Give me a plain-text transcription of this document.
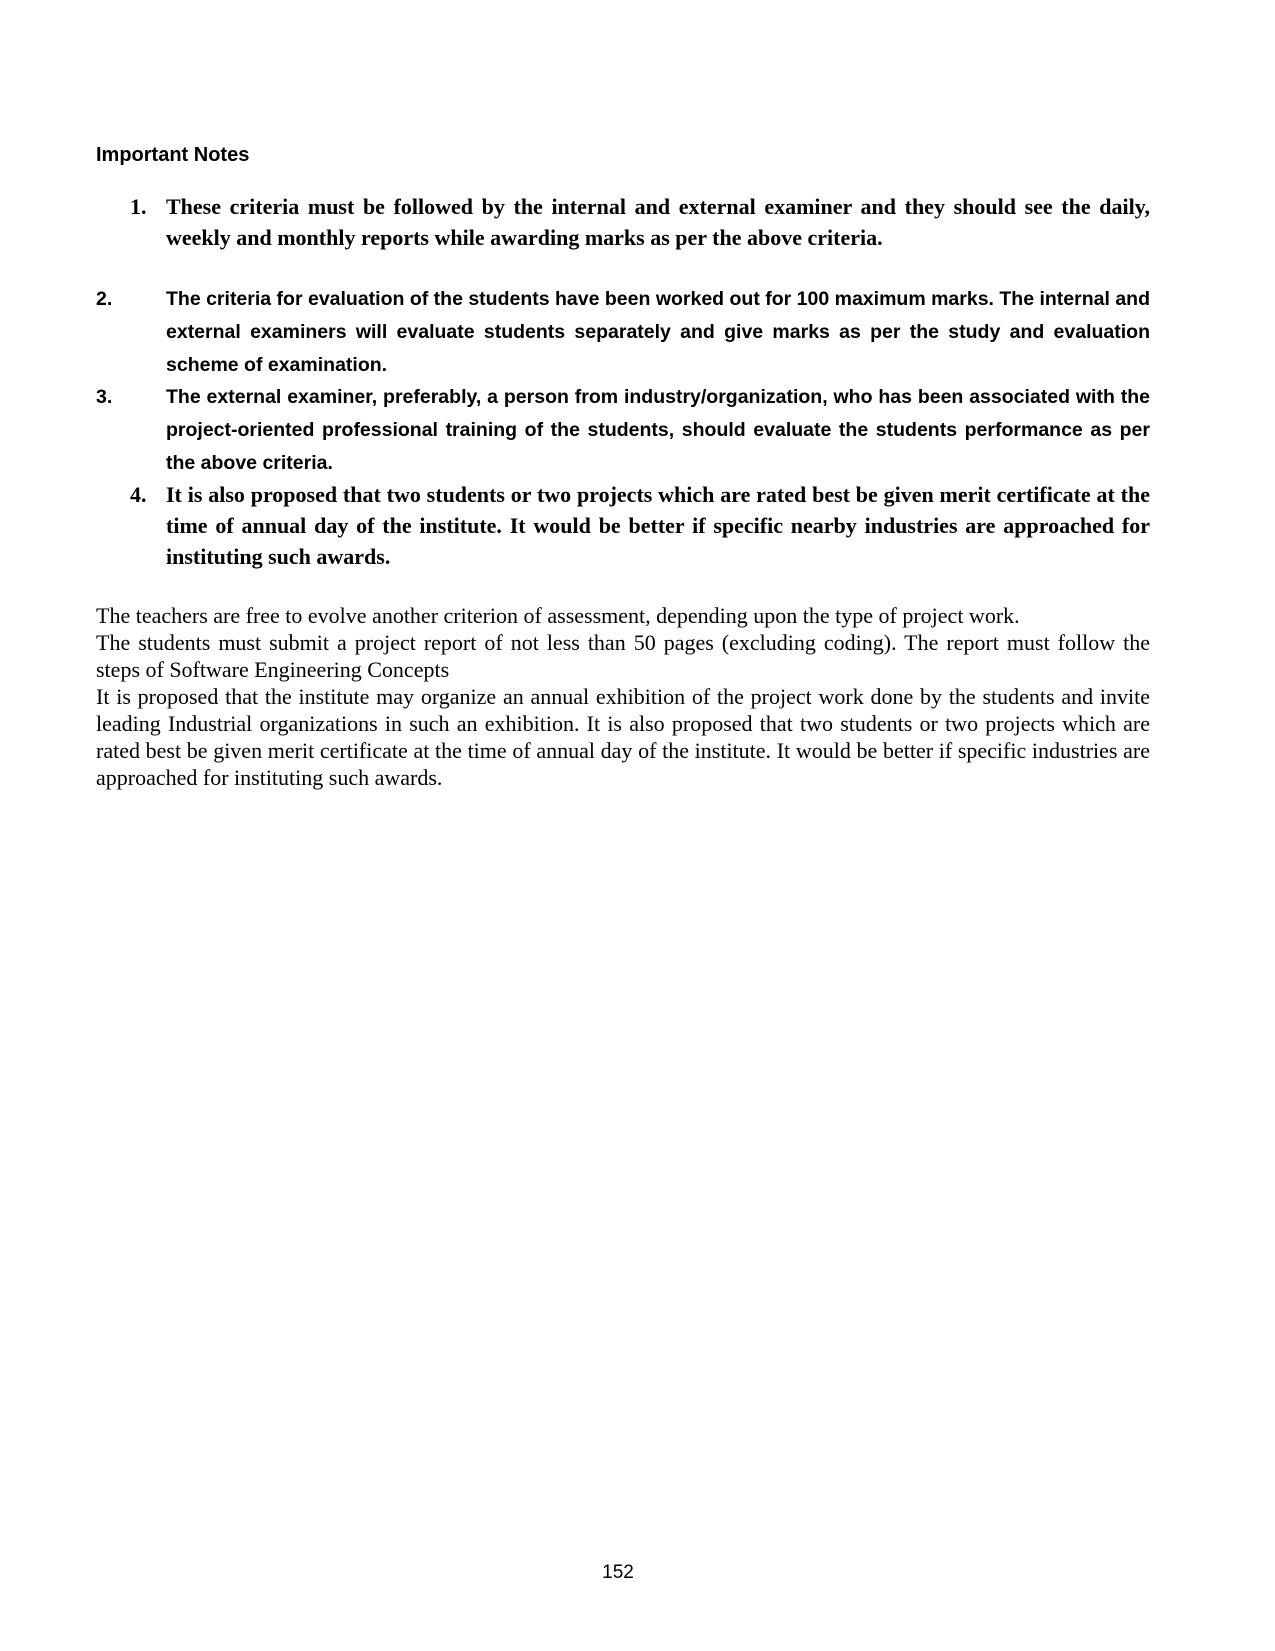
Important Notes
1. These criteria must be followed by the internal and external examiner and they should see the daily, weekly and monthly reports while awarding marks as per the above criteria.
2.	The criteria for evaluation of the students have been worked out for 100 maximum marks. The internal and external examiners will evaluate students separately and give marks as per the study and evaluation scheme of examination.
3.	The external examiner, preferably, a person from industry/organization, who has been associated with the project-oriented professional training of the students, should evaluate the students performance as per the above criteria.
4. It is also proposed that two students or two projects which are rated best be given merit certificate at the time of annual day of the institute. It would be better if specific nearby industries are approached for instituting such awards.
The teachers are free to evolve another criterion of assessment, depending upon the type of project work.
The students must submit a project report of not less than 50 pages (excluding coding). The report must follow the steps of Software Engineering Concepts
It is proposed that the institute may organize an annual exhibition of the project work done by the students and invite leading Industrial organizations in such an exhibition. It is also proposed that two students or two projects which are rated best be given merit certificate at the time of annual day of the institute. It would be better if specific industries are approached for instituting such awards.
152
